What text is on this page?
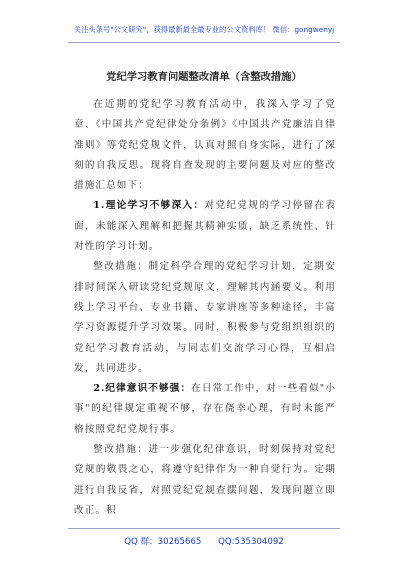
关注头条号"公文研究"，获得最新最全最专业的公文资料库！ 微信：gongwenyj
党纪学习教育问题整改清单（含整改措施）

在近期的党纪学习教育活动中，我深入学习了党章、《中国共产党纪律处分条例》《中国共产党廉洁自律准则》等党纪党规文件，认真对照自身实际，进行了深刻的自我反思。现将自查发现的主要问题及对应的整改措施汇总如下：

1.理论学习不够深入：对党纪党规的学习停留在表面，未能深入理解和把握其精神实质，缺乏系统性、针对性的学习计划。

整改措施：制定科学合理的党纪学习计划，定期安排时间深入研读党纪党规原文，理解其内涵要义。利用线上学习平台、专业书籍、专家讲座等多种途径，丰富学习资源提升学习效果。同时，积极参与党组织组织的党纪学习教育活动，与同志们交流学习心得，互相启发，共同进步。

2.纪律意识不够强：在日常工作中，对一些看似"小事"的纪律规定重视不够，存在侥幸心理，有时未能严格按照党纪党规行事。

整改措施：进一步强化纪律意识，时刻保持对党纪党规的敬畏之心，将遵守纪律作为一种自觉行为。定期进行自我反省，对照党纪党规查摆问题，发现问题立即改正。积

QQ 群：30265665 QQ:535304092
